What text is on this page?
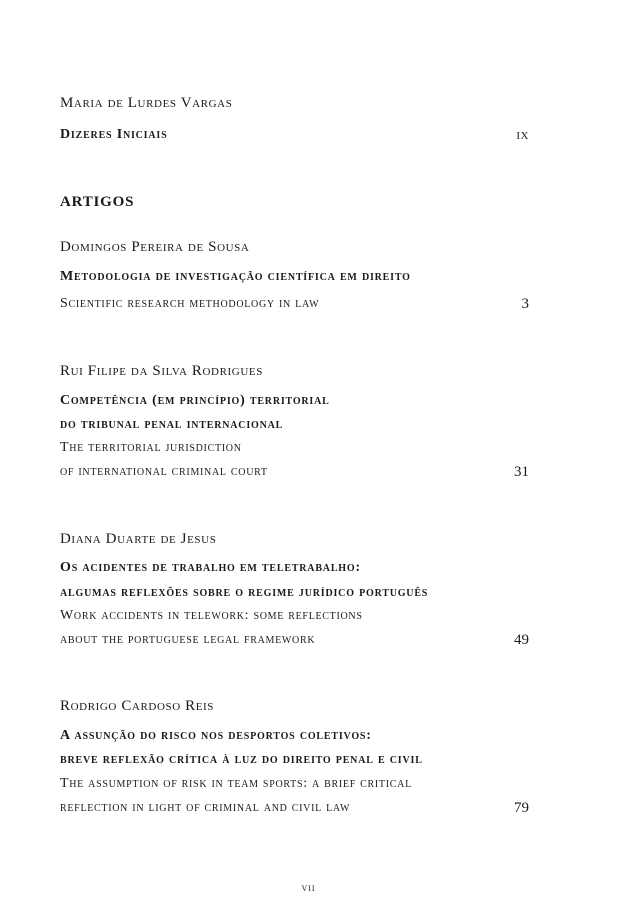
Maria de Lurdes Vargas
Dizeres Iniciais	ix
ARTIGOS
Domingos Pereira de Sousa
Metodologia de investigação científica em direito
Scientific research methodology in law	3
Rui Filipe da Silva Rodrigues
Competência (em princípio) territorial
do tribunal penal internacional
The territorial jurisdiction
of international criminal court	31
Diana Duarte de Jesus
Os acidentes de trabalho em teletrabalho:
algumas reflexões sobre o regime jurídico português
Work accidents in telework: some reflections
about the portuguese legal framework	49
Rodrigo Cardoso Reis
A assunção do risco nos desportos coletivos:
breve reflexão crítica à luz do direito penal e civil
The assumption of risk in team sports: a brief critical
reflection in light of criminal and civil law	79
vii
